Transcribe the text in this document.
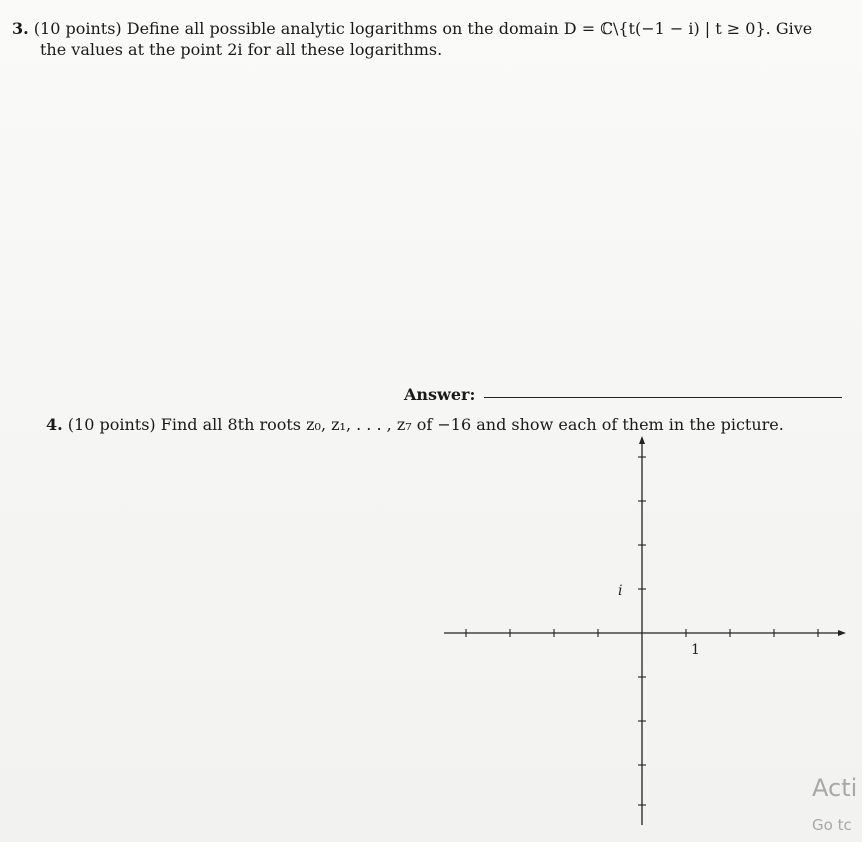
3. (10 points) Define all possible analytic logarithms on the domain D = ℂ\{t(−1 − i) | t ≥ 0}. Give
the values at the point 2i for all these logarithms.
Answer:
4. (10 points) Find all 8th roots z₀, z₁, . . . , z₇ of −16 and show each of them in the picture.
i
1
Acti
Go tc
